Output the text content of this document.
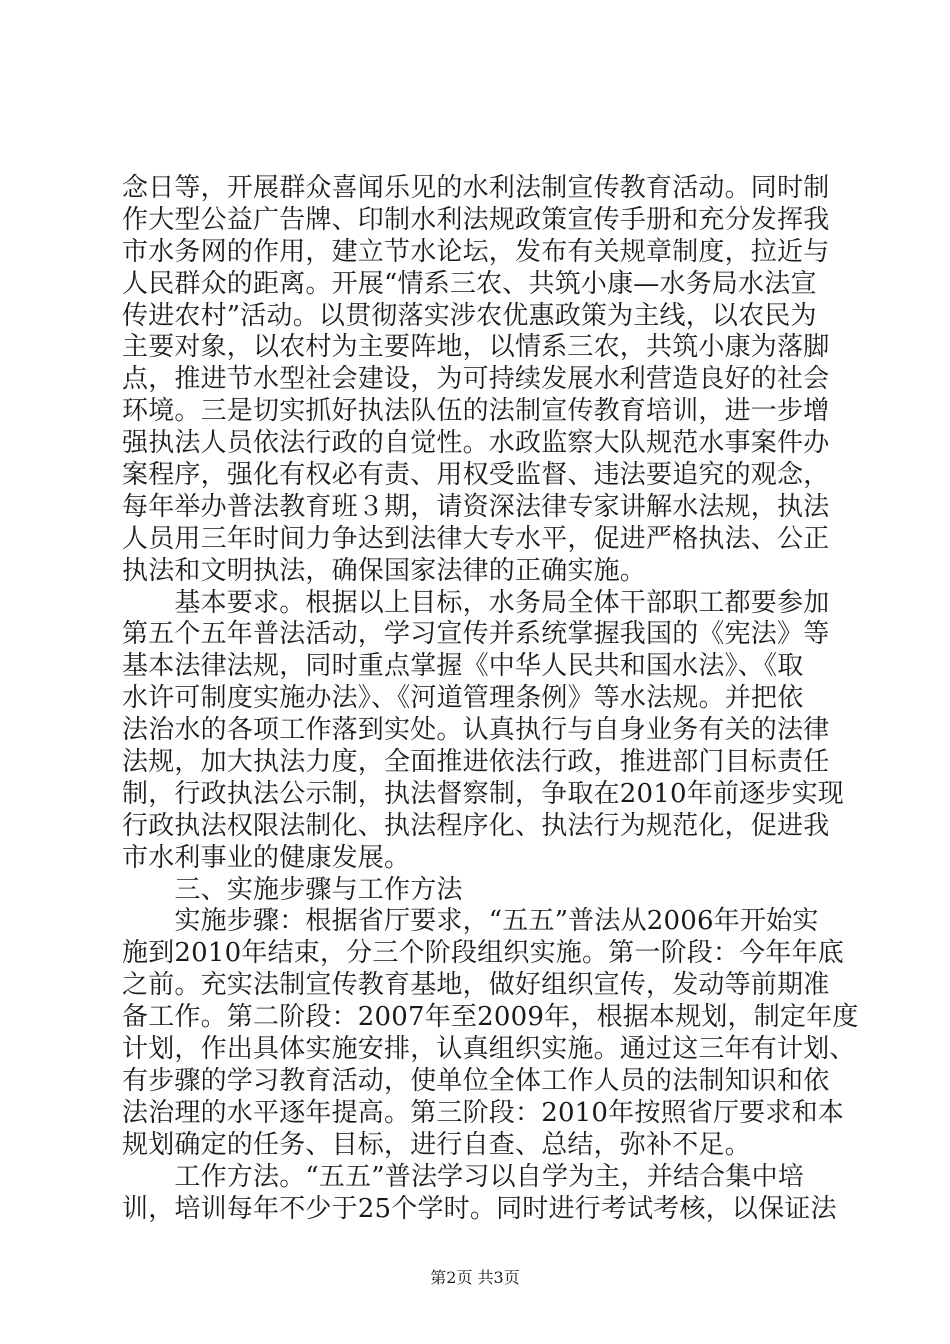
念日等，开展群众喜闻乐见的水利法制宣传教育活动。同时制
作大型公益广告牌、印制水利法规政策宣传手册和充分发挥我
市水务网的作用，建立节水论坛，发布有关规章制度，拉近与
人民群众的距离。开展“情系三农、共筑小康—水务局水法宣
传进农村”活动。以贯彻落实涉农优惠政策为主线，以农民为
主要对象，以农村为主要阵地，以情系三农，共筑小康为落脚
点，推进节水型社会建设，为可持续发展水利营造良好的社会
环境。三是切实抓好执法队伍的法制宣传教育培训，进一步增
强执法人员依法行政的自觉性。水政监察大队规范水事案件办
案程序，强化有权必有责、用权受监督、违法要追究的观念，
每年举办普法教育班３期，请资深法律专家讲解水法规，执法
人员用三年时间力争达到法律大专水平，促进严格执法、公正
执法和文明执法，确保国家法律的正确实施。
　　基本要求。根据以上目标，水务局全体干部职工都要参加
第五个五年普法活动，学习宣传并系统掌握我国的《宪法》等
基本法律法规，同时重点掌握《中华人民共和国水法》、《取
水许可制度实施办法》、《河道管理条例》等水法规。并把依
法治水的各项工作落到实处。认真执行与自身业务有关的法律
法规，加大执法力度，全面推进依法行政，推进部门目标责任
制，行政执法公示制，执法督察制，争取在2010年前逐步实现
行政执法权限法制化、执法程序化、执法行为规范化，促进我
市水利事业的健康发展。
　　三、实施步骤与工作方法
　　实施步骤：根据省厅要求，“五五”普法从2006年开始实
施到2010年结束，分三个阶段组织实施。第一阶段：今年年底
之前。充实法制宣传教育基地，做好组织宣传，发动等前期准
备工作。第二阶段：2007年至2009年，根据本规划，制定年度
计划，作出具体实施安排，认真组织实施。通过这三年有计划、
有步骤的学习教育活动，使单位全体工作人员的法制知识和依
法治理的水平逐年提高。第三阶段：2010年按照省厅要求和本
规划确定的任务、目标，进行自查、总结，弥补不足。
　　工作方法。“五五”普法学习以自学为主，并结合集中培
训，培训每年不少于25个学时。同时进行考试考核，以保证法
第2页 共3页
